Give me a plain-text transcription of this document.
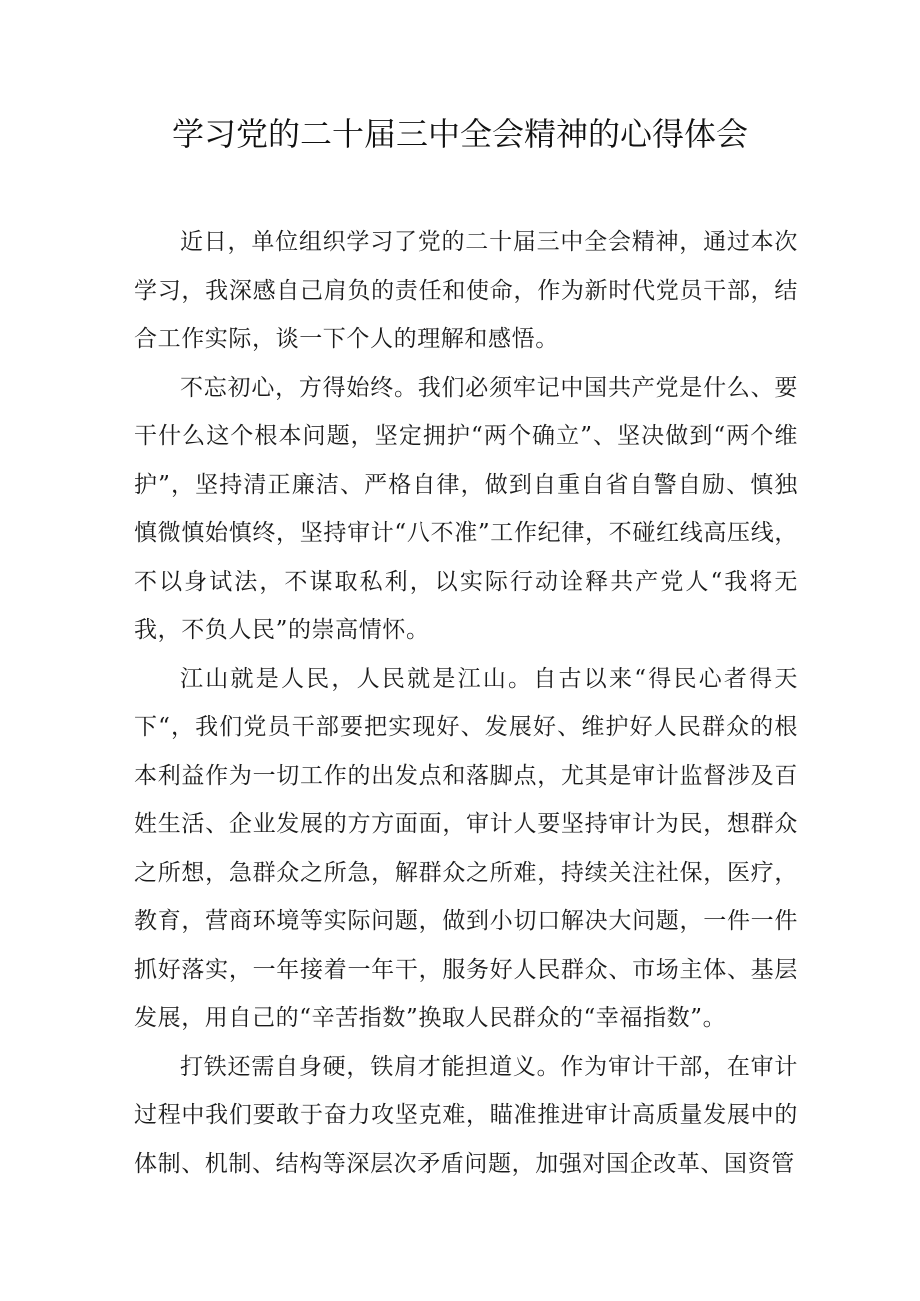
学习党的二十届三中全会精神的心得体会

近日，单位组织学习了党的二十届三中全会精神，通过本次学习，我深感自己肩负的责任和使命，作为新时代党员干部，结合工作实际，谈一下个人的理解和感悟。

不忘初心，方得始终。我们必须牢记中国共产党是什么、要干什么这个根本问题，坚定拥护“两个确立”、坚决做到“两个维护”，坚持清正廉洁、严格自律，做到自重自省自警自励、慎独慎微慎始慎终，坚持审计“八不准”工作纪律，不碰红线高压线，不以身试法，不谋取私利，以实际行动诠释共产党人“我将无我，不负人民”的崇高情怀。

江山就是人民，人民就是江山。自古以来“得民心者得天下“，我们党员干部要把实现好、发展好、维护好人民群众的根本利益作为一切工作的出发点和落脚点，尤其是审计监督涉及百姓生活、企业发展的方方面面，审计人要坚持审计为民，想群众之所想，急群众之所急，解群众之所难，持续关注社保，医疗，教育，营商环境等实际问题，做到小切口解决大问题，一件一件抓好落实，一年接着一年干，服务好人民群众、市场主体、基层发展，用自己的“辛苦指数”换取人民群众的“幸福指数”。

打铁还需自身硬，铁肩才能担道义。作为审计干部，在审计过程中我们要敢于奋力攻坚克难，瞄准推进审计高质量发展中的体制、机制、结构等深层次矛盾问题，加强对国企改革、国资管
